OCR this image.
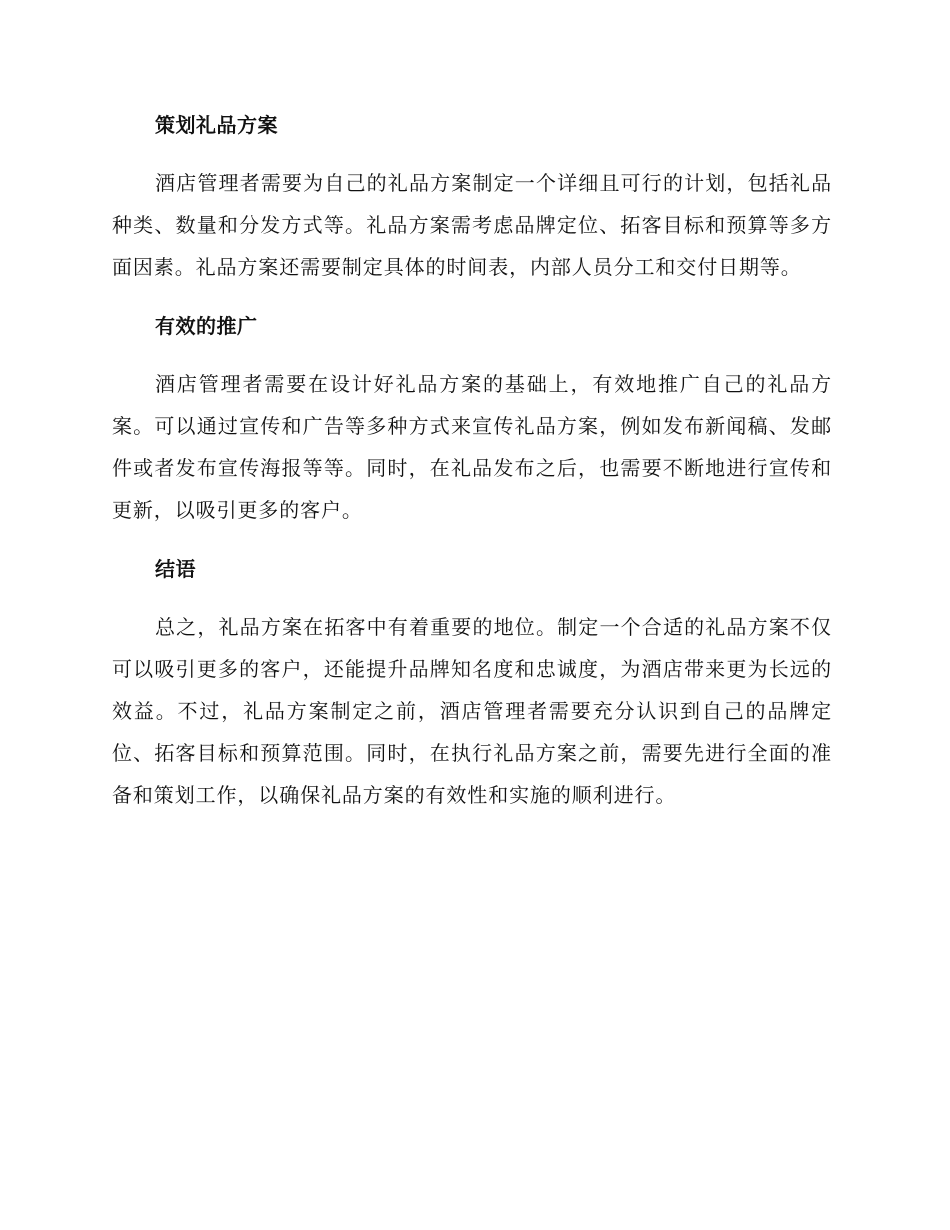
策划礼品方案

酒店管理者需要为自己的礼品方案制定一个详细且可行的计划，包括礼品种类、数量和分发方式等。礼品方案需考虑品牌定位、拓客目标和预算等多方面因素。礼品方案还需要制定具体的时间表，内部人员分工和交付日期等。

有效的推广

酒店管理者需要在设计好礼品方案的基础上，有效地推广自己的礼品方案。可以通过宣传和广告等多种方式来宣传礼品方案，例如发布新闻稿、发邮件或者发布宣传海报等等。同时，在礼品发布之后，也需要不断地进行宣传和更新，以吸引更多的客户。

结语

总之，礼品方案在拓客中有着重要的地位。制定一个合适的礼品方案不仅可以吸引更多的客户，还能提升品牌知名度和忠诚度，为酒店带来更为长远的效益。不过，礼品方案制定之前，酒店管理者需要充分认识到自己的品牌定位、拓客目标和预算范围。同时，在执行礼品方案之前，需要先进行全面的准备和策划工作，以确保礼品方案的有效性和实施的顺利进行。
